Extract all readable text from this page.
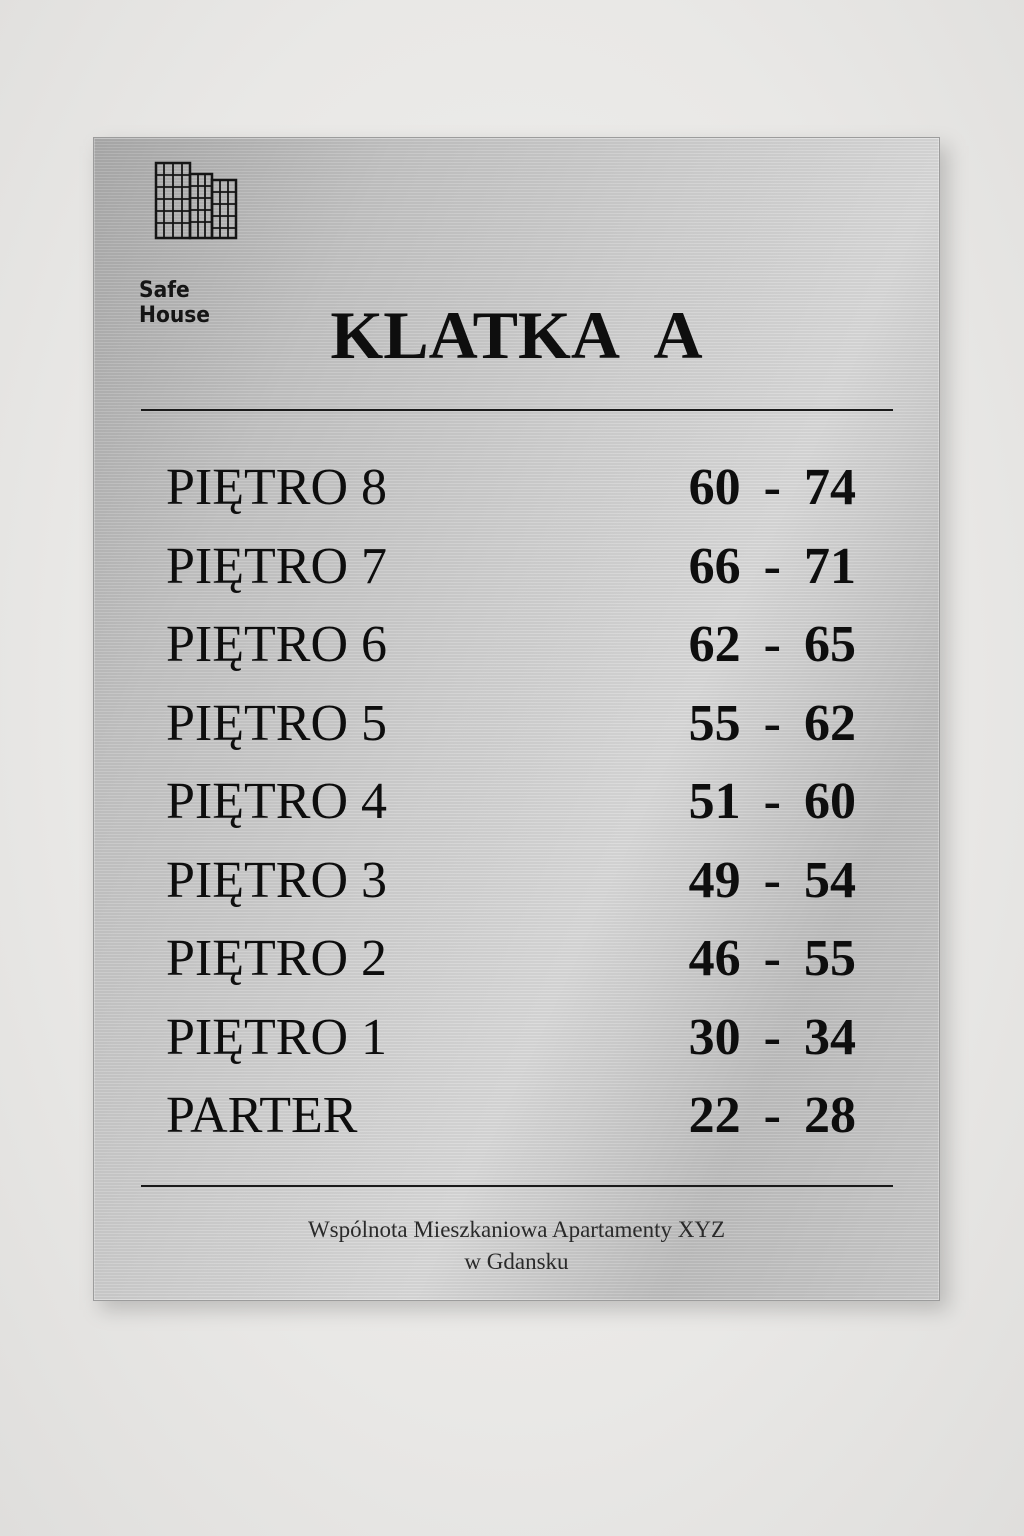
Safe House	KLATKA A
PIĘTRO 8	60 - 74
PIĘTRO 7	66 - 71
PIĘTRO 6	62 - 65
PIĘTRO 5	55 - 62
PIĘTRO 4	51 - 60
PIĘTRO 3	49 - 54
PIĘTRO 2	46 - 55
PIĘTRO 1	30 - 34
PARTER	22 - 28
Wspólnota Mieszkaniowa Apartamenty XYZ
w Gdansku
